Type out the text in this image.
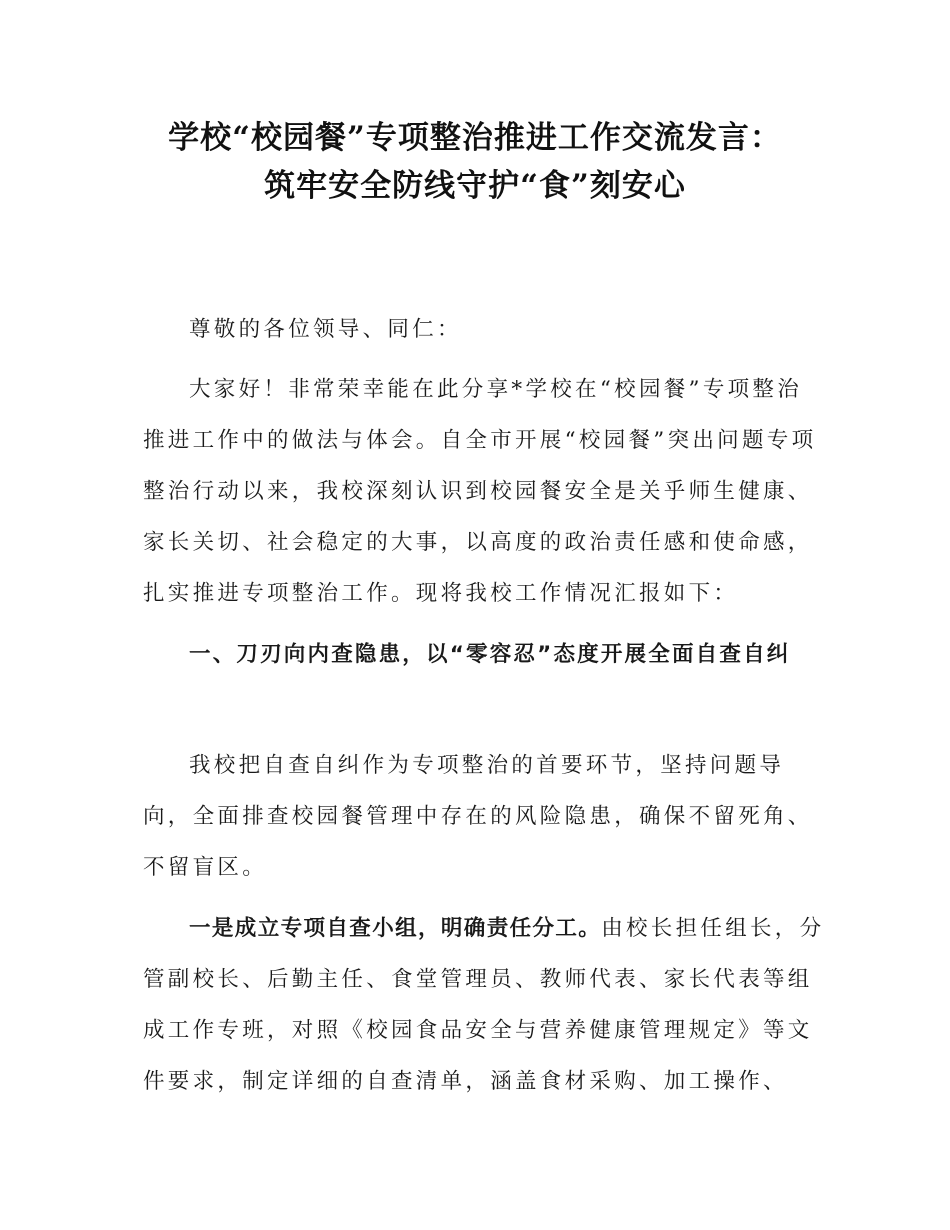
学校“校园餐”专项整治推进工作交流发言：
筑牢安全防线守护“食”刻安心

尊敬的各位领导、同仁：

大家好！非常荣幸能在此分享*学校在“校园餐”专项整治推进工作中的做法与体会。自全市开展“校园餐”突出问题专项整治行动以来，我校深刻认识到校园餐安全是关乎师生健康、家长关切、社会稳定的大事，以高度的政治责任感和使命感，扎实推进专项整治工作。现将我校工作情况汇报如下：

一、刀刃向内查隐患，以“零容忍”态度开展全面自查自纠

我校把自查自纠作为专项整治的首要环节，坚持问题导向，全面排查校园餐管理中存在的风险隐患，确保不留死角、不留盲区。

一是成立专项自查小组，明确责任分工。由校长担任组长，分管副校长、后勤主任、食堂管理员、教师代表、家长代表等组成工作专班，对照《校园食品安全与营养健康管理规定》等文件要求，制定详细的自查清单，涵盖食材采购、加工操作、
